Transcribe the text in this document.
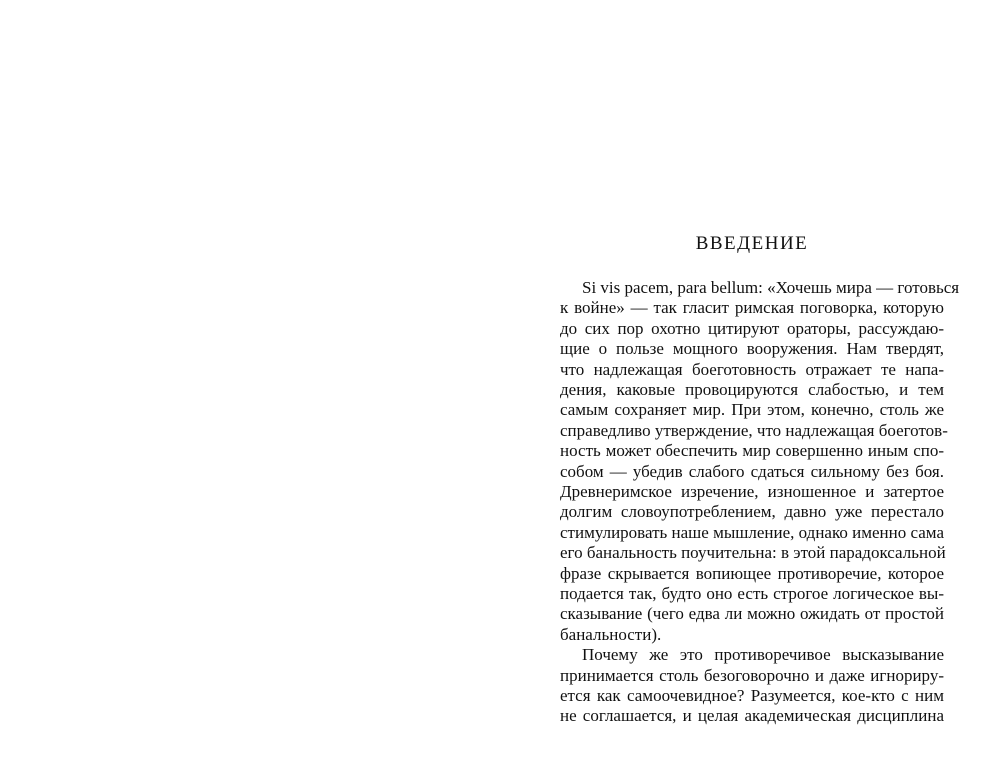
ВВЕДЕНИЕ
Si vis pacem, para bellum: «Хочешь мира — готовься
к войне» — так гласит римская поговорка, которую
до сих пор охотно цитируют ораторы, рассуждаю-
щие о пользе мощного вооружения. Нам твердят,
что надлежащая боеготовность отражает те напа-
дения, каковые провоцируются слабостью, и тем
самым сохраняет мир. При этом, конечно, столь же
справедливо утверждение, что надлежащая боеготов-
ность может обеспечить мир совершенно иным спо-
собом — убедив слабого сдаться сильному без боя.
Древнеримское изречение, изношенное и затертое
долгим словоупотреблением, давно уже перестало
стимулировать наше мышление, однако именно сама
его банальность поучительна: в этой парадоксальной
фразе скрывается вопиющее противоречие, которое
подается так, будто оно есть строгое логическое вы-
сказывание (чего едва ли можно ожидать от простой
банальности).
Почему же это противоречивое высказывание
принимается столь безоговорочно и даже игнориру-
ется как самоочевидное? Разумеется, кое-кто с ним
не соглашается, и целая академическая дисциплина
